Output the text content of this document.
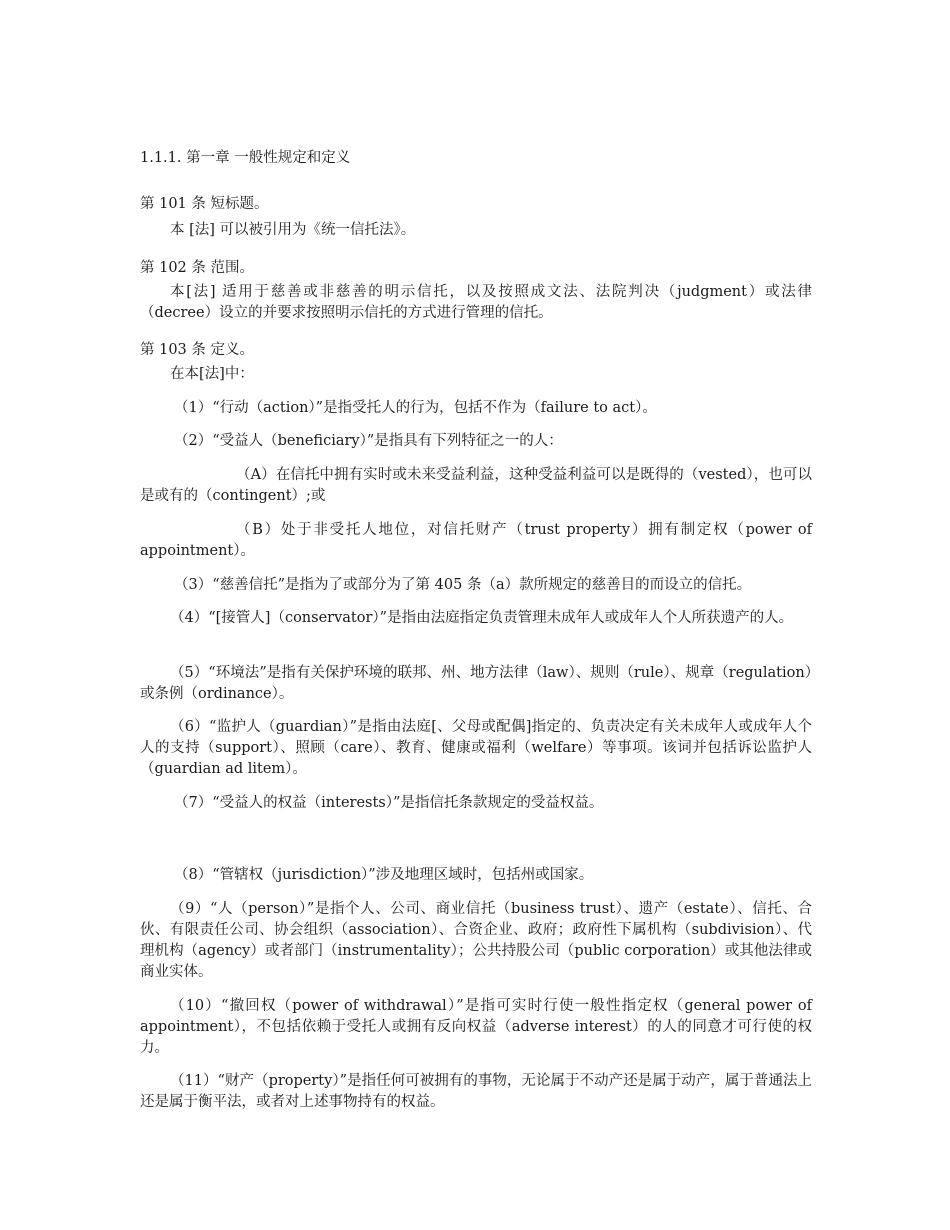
1.1.1. 第一章 一般性规定和定义

第 101 条 短标题。

本 [法] 可以被引用为《统一信托法》。

第 102 条 范围。

本[法] 适用于慈善或非慈善的明示信托，以及按照成文法、法院判决（judgment）或法律（decree）设立的并要求按照明示信托的方式进行管理的信托。

第 103 条 定义。

在本[法]中：

（1）“行动（action）”是指受托人的行为，包括不作为（failure to act）。

（2）“受益人（beneficiary）”是指具有下列特征之一的人：

（A）在信托中拥有实时或未来受益利益，这种受益利益可以是既得的（vested），也可以是或有的（contingent）;或

（B）处于非受托人地位，对信托财产（trust property）拥有制定权（power of appointment）。

（3）“慈善信托”是指为了或部分为了第 405 条（a）款所规定的慈善目的而设立的信托。

（4）“[接管人]（conservator）”是指由法庭指定负责管理未成年人或成年人个人所获遗产的人。

（5）“环境法”是指有关保护环境的联邦、州、地方法律（law）、规则（rule）、规章（regulation）或条例（ordinance）。

（6）“监护人（guardian）”是指由法庭[、父母或配偶]指定的、负责决定有关未成年人或成年人个人的支持（support）、照顾（care）、教育、健康或福利（welfare）等事项。该词并包括诉讼监护人（guardian ad litem）。

（7）“受益人的权益（interests）”是指信托条款规定的受益权益。

（8）“管辖权（jurisdiction）”涉及地理区域时，包括州或国家。

（9）“人（person）”是指个人、公司、商业信托（business trust）、遗产（estate）、信托、合伙、有限责任公司、协会组织（association）、合资企业、政府；政府性下属机构（subdivision）、代理机构（agency）或者部门（instrumentality）；公共持股公司（public corporation）或其他法律或商业实体。

（10）“撤回权（power of withdrawal）”是指可实时行使一般性指定权（general power of appointment），不包括依赖于受托人或拥有反向权益（adverse interest）的人的同意才可行使的权力。

（11）“财产（property）”是指任何可被拥有的事物，无论属于不动产还是属于动产，属于普通法上还是属于衡平法，或者对上述事物持有的权益。
